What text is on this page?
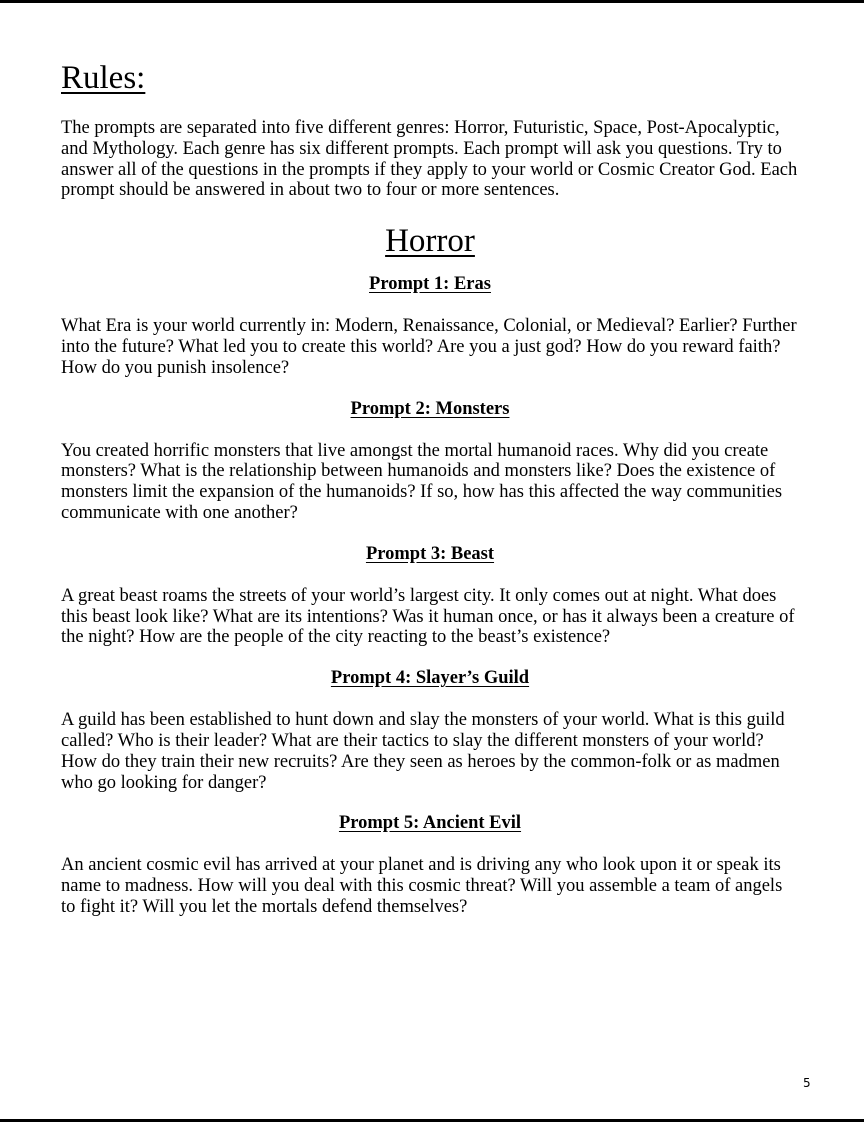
Rules:

The prompts are separated into five different genres: Horror, Futuristic, Space, Post-Apocalyptic, and Mythology. Each genre has six different prompts. Each prompt will ask you questions. Try to answer all of the questions in the prompts if they apply to your world or Cosmic Creator God. Each prompt should be answered in about two to four or more sentences.

Horror
Prompt 1: Eras

What Era is your world currently in: Modern, Renaissance, Colonial, or Medieval? Earlier? Further into the future? What led you to create this world? Are you a just god? How do you reward faith? How do you punish insolence?

Prompt 2: Monsters

You created horrific monsters that live amongst the mortal humanoid races. Why did you create monsters? What is the relationship between humanoids and monsters like? Does the existence of monsters limit the expansion of the humanoids? If so, how has this affected the way communities communicate with one another?

Prompt 3: Beast

A great beast roams the streets of your world’s largest city. It only comes out at night. What does this beast look like? What are its intentions? Was it human once, or has it always been a creature of the night? How are the people of the city reacting to the beast’s existence?

Prompt 4: Slayer’s Guild

A guild has been established to hunt down and slay the monsters of your world. What is this guild called? Who is their leader? What are their tactics to slay the different monsters of your world? How do they train their new recruits? Are they seen as heroes by the common-folk or as madmen who go looking for danger?

Prompt 5: Ancient Evil

An ancient cosmic evil has arrived at your planet and is driving any who look upon it or speak its name to madness. How will you deal with this cosmic threat? Will you assemble a team of angels to fight it? Will you let the mortals defend themselves?

5
